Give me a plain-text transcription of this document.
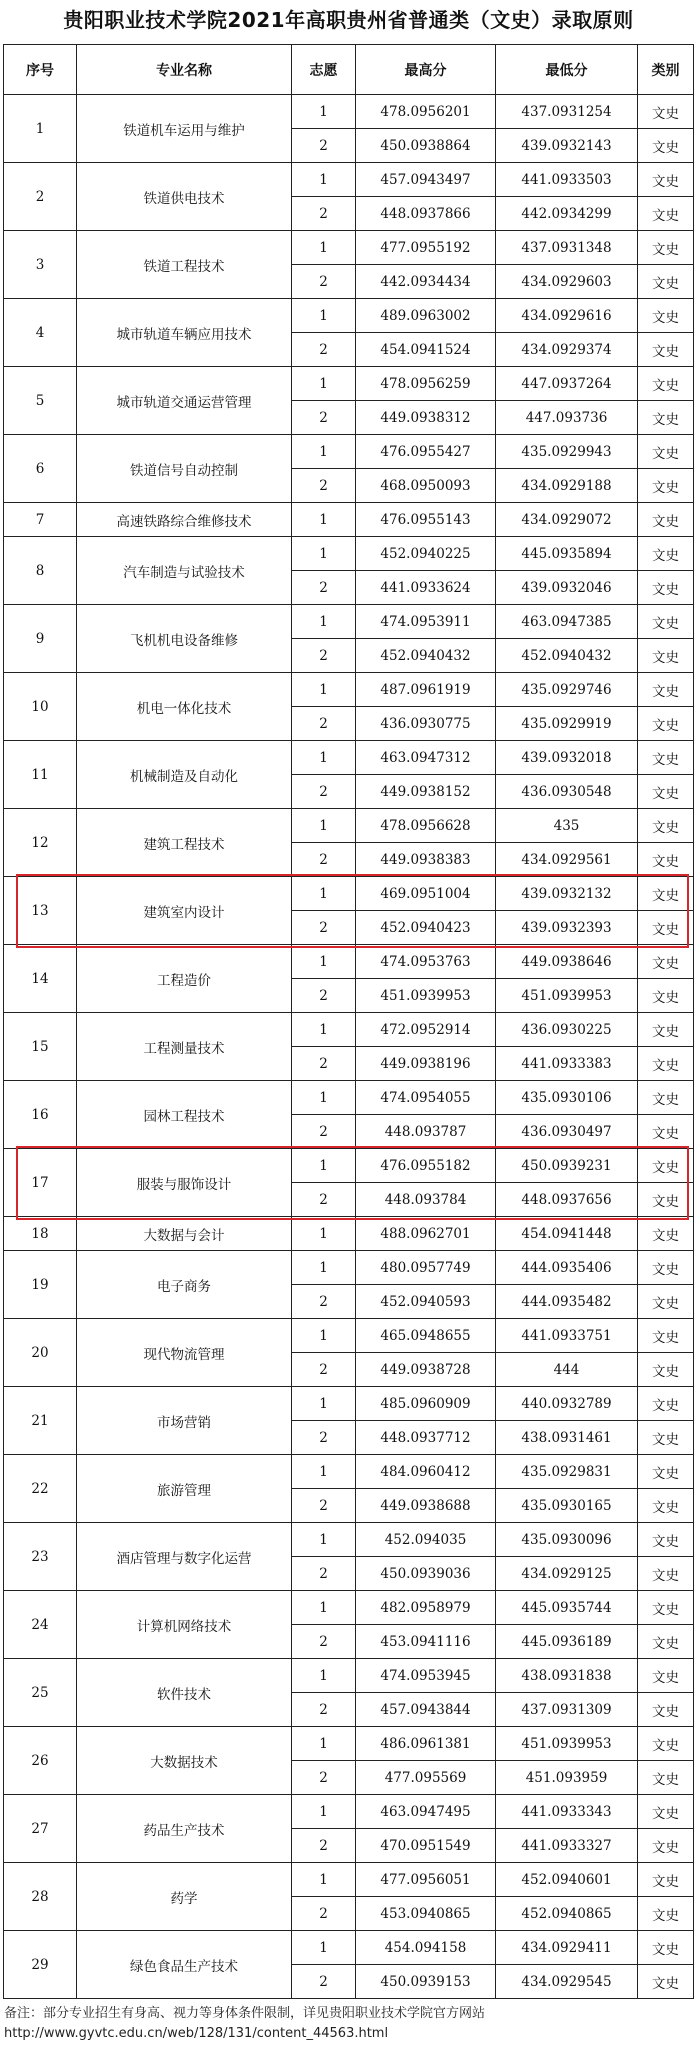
贵阳职业技术学院2021年高职贵州省普通类（文史）录取原则
序号	专业名称	志愿	最高分	最低分	类别
1	铁道机车运用与维护	1	478.0956201	437.0931254	文史
		2	450.0938864	439.0932143	文史
2	铁道供电技术	1	457.0943497	441.0933503	文史
		2	448.0937866	442.0934299	文史
3	铁道工程技术	1	477.0955192	437.0931348	文史
		2	442.0934434	434.0929603	文史
4	城市轨道车辆应用技术	1	489.0963002	434.0929616	文史
		2	454.0941524	434.0929374	文史
5	城市轨道交通运营管理	1	478.0956259	447.0937264	文史
		2	449.0938312	447.093736	文史
6	铁道信号自动控制	1	476.0955427	435.0929943	文史
		2	468.0950093	434.0929188	文史
7	高速铁路综合维修技术	1	476.0955143	434.0929072	文史
8	汽车制造与试验技术	1	452.0940225	445.0935894	文史
		2	441.0933624	439.0932046	文史
9	飞机机电设备维修	1	474.0953911	463.0947385	文史
		2	452.0940432	452.0940432	文史
10	机电一体化技术	1	487.0961919	435.0929746	文史
		2	436.0930775	435.0929919	文史
11	机械制造及自动化	1	463.0947312	439.0932018	文史
		2	449.0938152	436.0930548	文史
12	建筑工程技术	1	478.0956628	435	文史
		2	449.0938383	434.0929561	文史
13	建筑室内设计	1	469.0951004	439.0932132	文史
		2	452.0940423	439.0932393	文史
14	工程造价	1	474.0953763	449.0938646	文史
		2	451.0939953	451.0939953	文史
15	工程测量技术	1	472.0952914	436.0930225	文史
		2	449.0938196	441.0933383	文史
16	园林工程技术	1	474.0954055	435.0930106	文史
		2	448.093787	436.0930497	文史
17	服装与服饰设计	1	476.0955182	450.0939231	文史
		2	448.093784	448.0937656	文史
18	大数据与会计	1	488.0962701	454.0941448	文史
19	电子商务	1	480.0957749	444.0935406	文史
		2	452.0940593	444.0935482	文史
20	现代物流管理	1	465.0948655	441.0933751	文史
		2	449.0938728	444	文史
21	市场营销	1	485.0960909	440.0932789	文史
		2	448.0937712	438.0931461	文史
22	旅游管理	1	484.0960412	435.0929831	文史
		2	449.0938688	435.0930165	文史
23	酒店管理与数字化运营	1	452.094035	435.0930096	文史
		2	450.0939036	434.0929125	文史
24	计算机网络技术	1	482.0958979	445.0935744	文史
		2	453.0941116	445.0936189	文史
25	软件技术	1	474.0953945	438.0931838	文史
		2	457.0943844	437.0931309	文史
26	大数据技术	1	486.0961381	451.0939953	文史
		2	477.095569	451.093959	文史
27	药品生产技术	1	463.0947495	441.0933343	文史
		2	470.0951549	441.0933327	文史
28	药学	1	477.0956051	452.0940601	文史
		2	453.0940865	452.0940865	文史
29	绿色食品生产技术	1	454.094158	434.0929411	文史
		2	450.0939153	434.0929545	文史
备注：部分专业招生有身高、视力等身体条件限制，详见贵阳职业技术学院官方网站
http://www.gyvtc.edu.cn/web/128/131/content_44563.html
